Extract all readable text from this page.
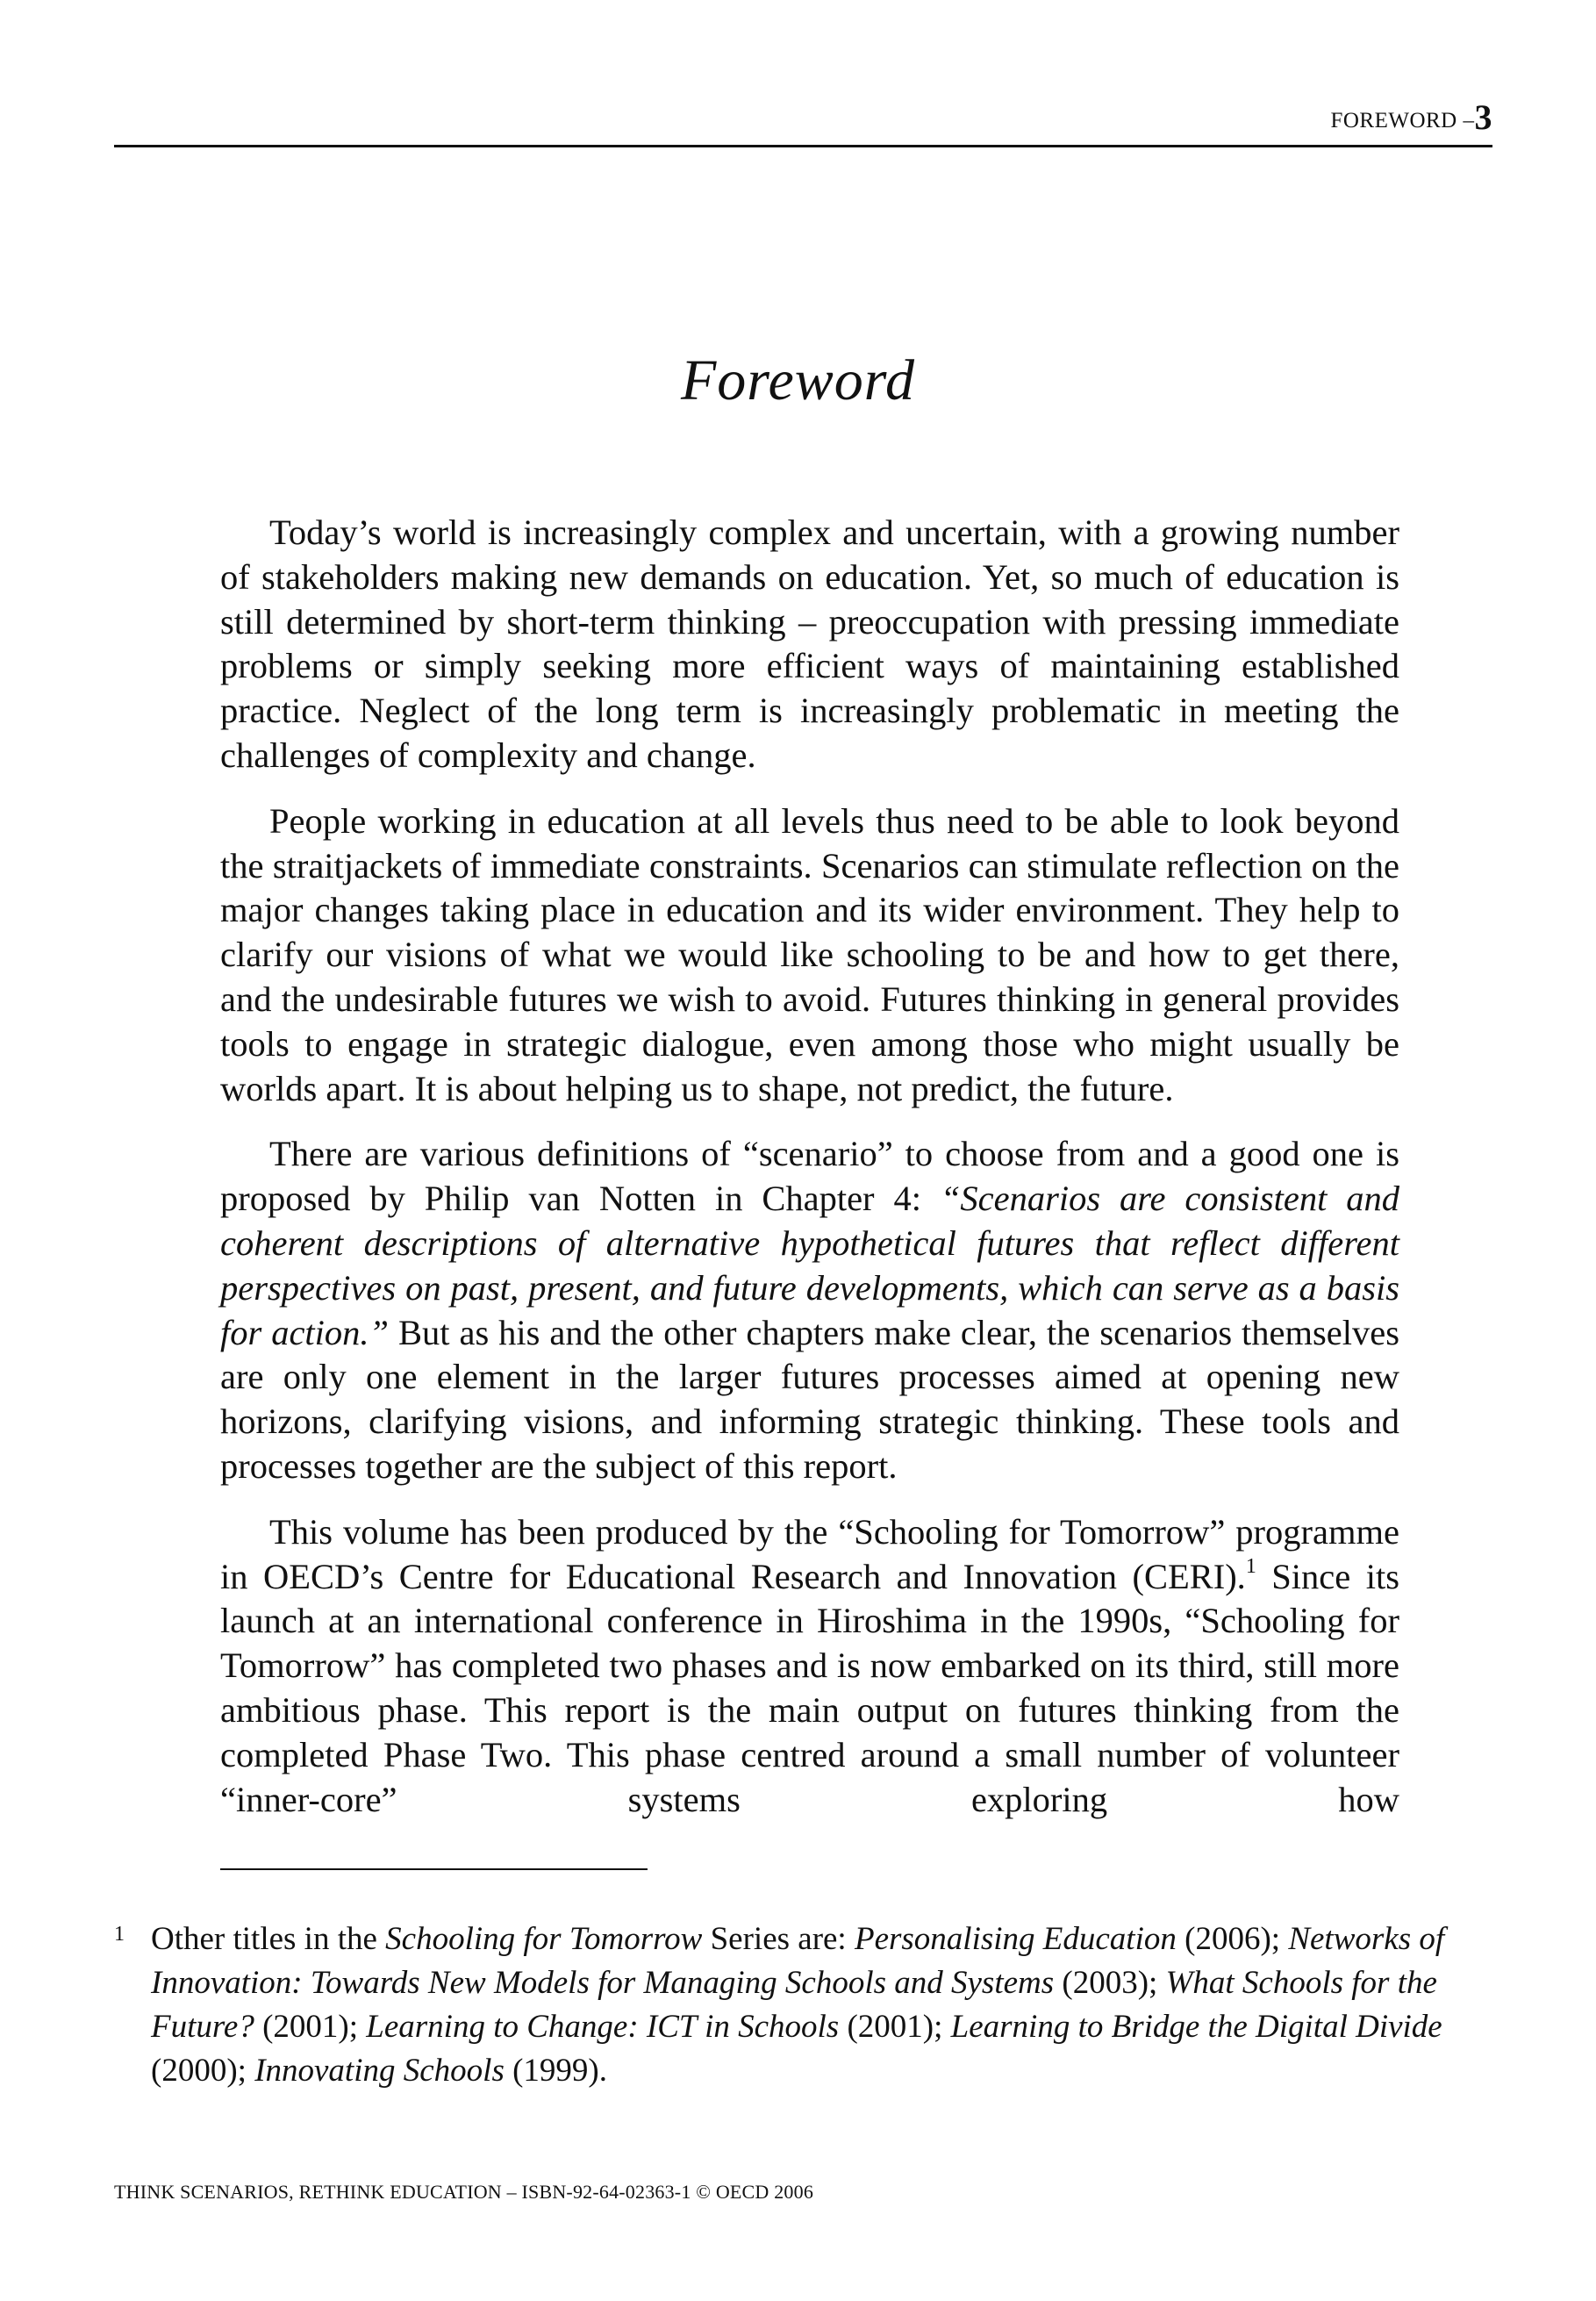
FOREWORD –3
Foreword

Today’s world is increasingly complex and uncertain, with a growing number of stakeholders making new demands on education. Yet, so much of education is still determined by short-term thinking – preoccupation with pressing immediate problems or simply seeking more efficient ways of maintaining established practice. Neglect of the long term is increasingly problematic in meeting the challenges of complexity and change.

People working in education at all levels thus need to be able to look beyond the straitjackets of immediate constraints. Scenarios can stimulate reflection on the major changes taking place in education and its wider environment. They help to clarify our visions of what we would like schooling to be and how to get there, and the undesirable futures we wish to avoid. Futures thinking in general provides tools to engage in strategic dialogue, even among those who might usually be worlds apart. It is about helping us to shape, not predict, the future.

There are various definitions of “scenario” to choose from and a good one is proposed by Philip van Notten in Chapter 4: “Scenarios are consistent and coherent descriptions of alternative hypothetical futures that reflect different perspectives on past, present, and future developments, which can serve as a basis for action.” But as his and the other chapters make clear, the scenarios themselves are only one element in the larger futures processes aimed at opening new horizons, clarifying visions, and informing strategic thinking. These tools and processes together are the subject of this report.

This volume has been produced by the “Schooling for Tomorrow” programme in OECD’s Centre for Educational Research and Innovation (CERI).$^1$ Since its launch at an international conference in Hiroshima in the 1990s, “Schooling for Tomorrow” has completed two phases and is now embarked on its third, still more ambitious phase. This report is the main output on futures thinking from the completed Phase Two. This phase centred around a small number of volunteer “inner-core” systems exploring how

1 Other titles in the Schooling for Tomorrow Series are: Personalising Education (2006); Networks of Innovation: Towards New Models for Managing Schools and Systems (2003); What Schools for the Future? (2001); Learning to Change: ICT in Schools (2001); Learning to Bridge the Digital Divide (2000); Innovating Schools (1999).
THINK SCENARIOS, RETHINK EDUCATION – ISBN-92-64-02363-1 © OECD 2006
